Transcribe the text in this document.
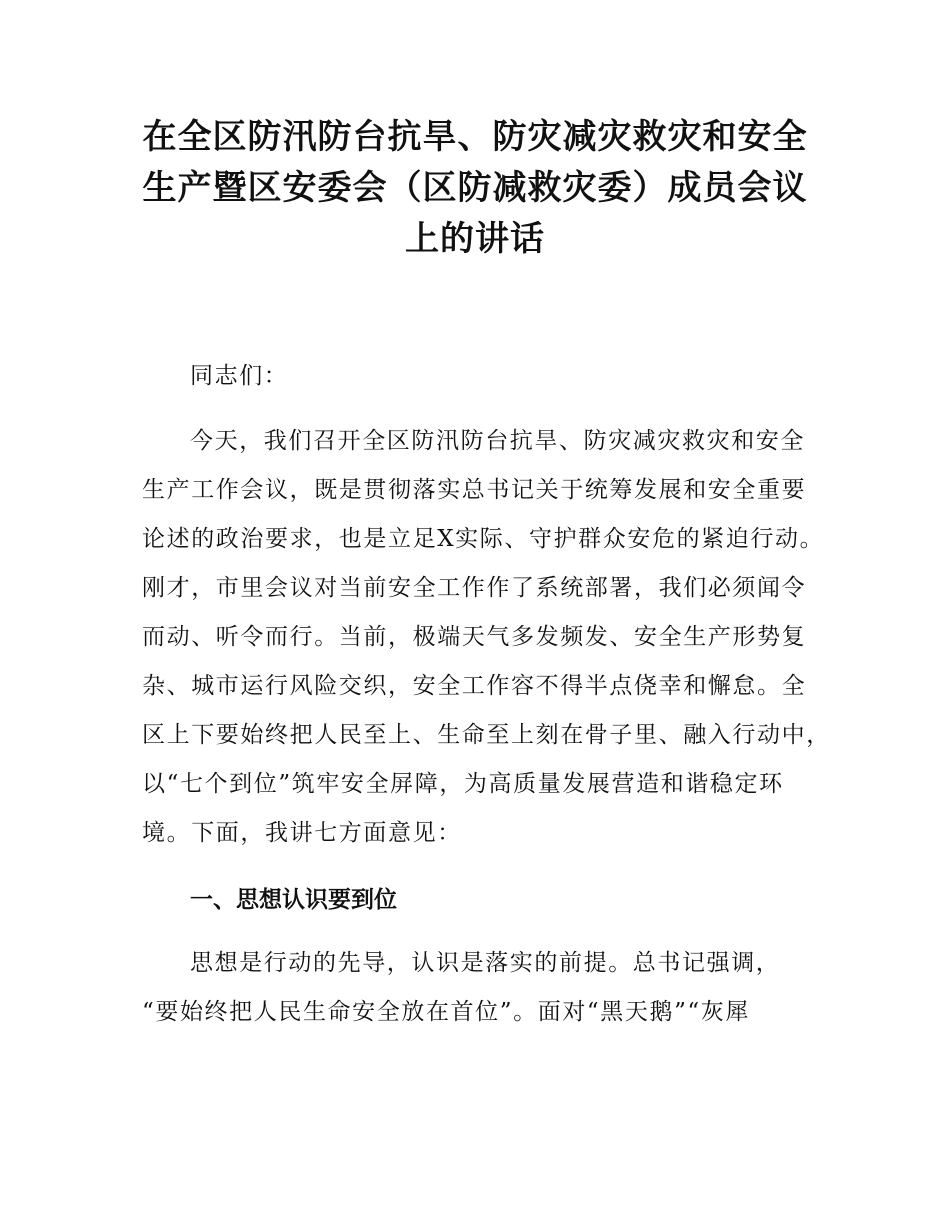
在全区防汛防台抗旱、防灾减灾救灾和安全
生产暨区安委会（区防减救灾委）成员会议
上的讲话

同志们：

今天，我们召开全区防汛防台抗旱、防灾减灾救灾和安全
生产工作会议，既是贯彻落实总书记关于统筹发展和安全重要
论述的政治要求，也是立足X实际、守护群众安危的紧迫行动。
刚才，市里会议对当前安全工作作了系统部署，我们必须闻令
而动、听令而行。当前，极端天气多发频发、安全生产形势复
杂、城市运行风险交织，安全工作容不得半点侥幸和懈怠。全
区上下要始终把人民至上、生命至上刻在骨子里、融入行动中，
以“七个到位”筑牢安全屏障，为高质量发展营造和谐稳定环
境。下面，我讲七方面意见：

一、思想认识要到位

思想是行动的先导，认识是落实的前提。总书记强调，
“要始终把人民生命安全放在首位”。面对“黑天鹅”“灰犀
